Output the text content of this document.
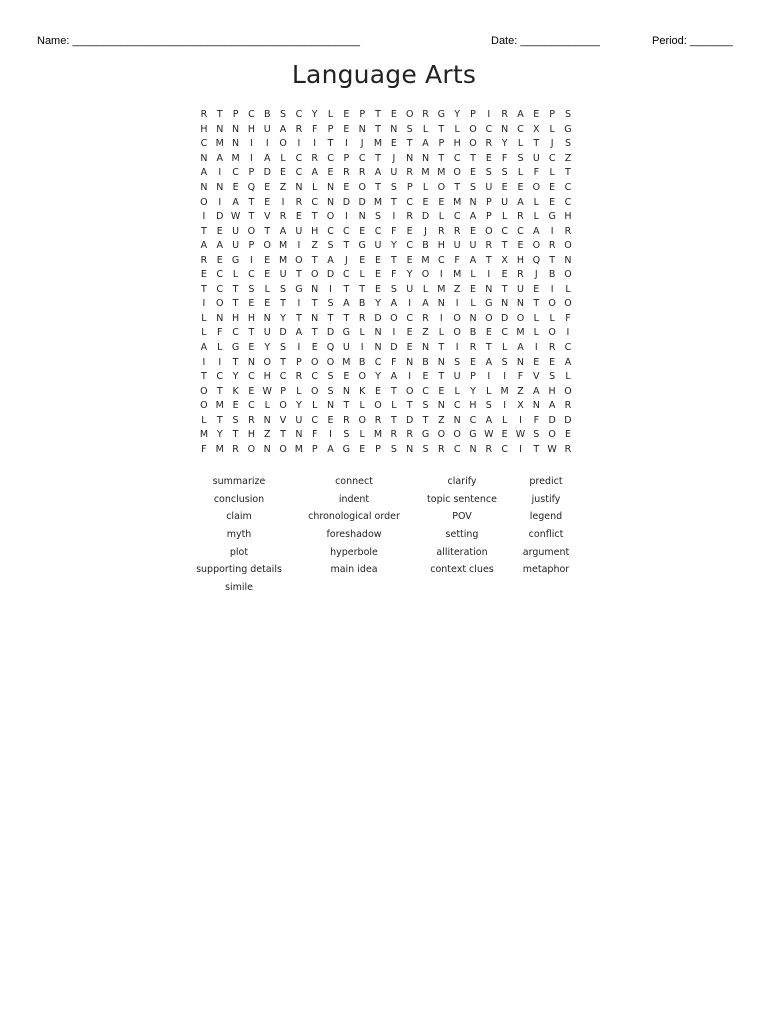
Name: _______________________________________________	Date: _____________	Period: _______
Language Arts
R	T	P	C B	S	C	Y	L	E	P	T	E O R G Y	P	I	R A	E	P	S
H N N H U A R	F	P	E N T N S	L	T	L O C N C X	L G
C M N	I	I	O	I	I	T	I	J	M E	T	A	P H O R	Y	L	T	J	S
N A M	I	A	L	C R C	P	C	T	J	N N T	C	T	E	F	S U C Z
A	I	C	P D E	C A	E	R R A U R M M O E	S	S	L	F	L	T
N N E Q E	Z N	L	N E O T	S	P	L O T	S U E	E O E	C
O	I	A	T	E	I	R C N D D M T	C	E	E M N P U A	L	E	C
I	D W T	V R	E	T O	I	N S	I	R D	L	C A	P	L	R	L G H
T	E U O T	A U H C C	E	C	F	E	J	R R	E O C C A	I	R
A A U P O M	I	Z	S	T G U Y	C B H U U R	T	E O R O
R	E G	I	E M O T	A	J	E	E	T	E M C	F	A	T	X H Q T N
E	C	L	C	E U T O D C	L	E	F	Y O	I	M L	I	E	R	J	B O
T	C	T	S	L	S G N	I	T	T	E	S U	L M Z	E N T U E	I	L
I	O T	E	E	T	I	T	S	A B	Y	A	I	A N	I	L G N N T O O
L	N H H N Y	T N T	T	R D O C R	I	O N O D O L	L	F
L	F	C	T U D A	T D G	L	N	I	E	Z	L O B	E	C M L O	I
A	L G E	Y	S	I	E Q U	I	N D E N T	I	R	T	L	A	I	R C
I	I	T N O T	P O O M B C	F	N B N S	E	A	S N E	E	A
T	C	Y	C H C R C S	E O Y	A	I	E	T U P	I	I	F	V	S	L
O T	K	E W P	L O S N K	E	T O C	E	L	Y	L M Z A H O
O M E	C	L O Y	L	N T	L O L	T	S N C H S	I	X N A R
L	T	S	R N V U C	E	R O R	T D T	Z N C A	L	I	F D D
M Y	T H Z	T N	F	I	S	L M R R G O O G W E W S O E
F M R O N O M P	A G E	P	S N S	R C N R C	I	T W R
summarize	connect	clarify	predict
conclusion	indent	topic sentence	justify
claim	chronological order	POV	legend
myth	foreshadow	setting	conflict
plot	hyperbole	alliteration	argument
supporting details	main idea	context clues	metaphor
simile
